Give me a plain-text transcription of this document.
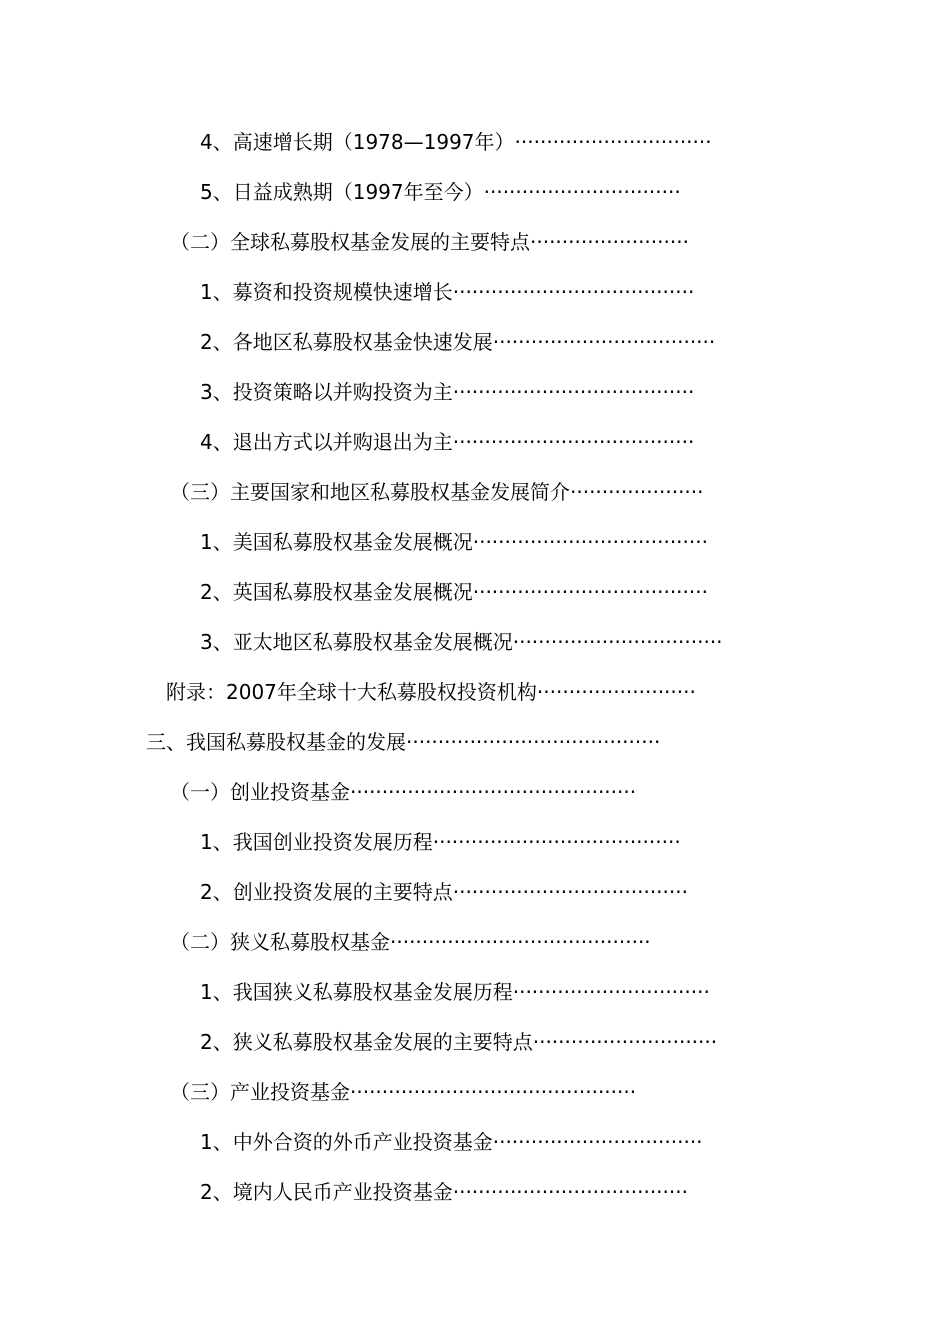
4、高速增长期（1978—1997年）·······························
5、日益成熟期（1997年至今）·······························
（二）全球私募股权基金发展的主要特点·························
1、募资和投资规模快速增长······································
2、各地区私募股权基金快速发展···································
3、投资策略以并购投资为主······································
4、退出方式以并购退出为主······································
（三）主要国家和地区私募股权基金发展简介·····················
1、美国私募股权基金发展概况·····································
2、英国私募股权基金发展概况·····································
3、亚太地区私募股权基金发展概况·································
附录：2007年全球十大私募股权投资机构·························
三、我国私募股权基金的发展········································
（一）创业投资基金·············································
1、我国创业投资发展历程·······································
2、创业投资发展的主要特点·····································
（二）狭义私募股权基金·········································
1、我国狭义私募股权基金发展历程·······························
2、狭义私募股权基金发展的主要特点·····························
（三）产业投资基金·············································
1、中外合资的外币产业投资基金·································
2、境内人民币产业投资基金·····································
